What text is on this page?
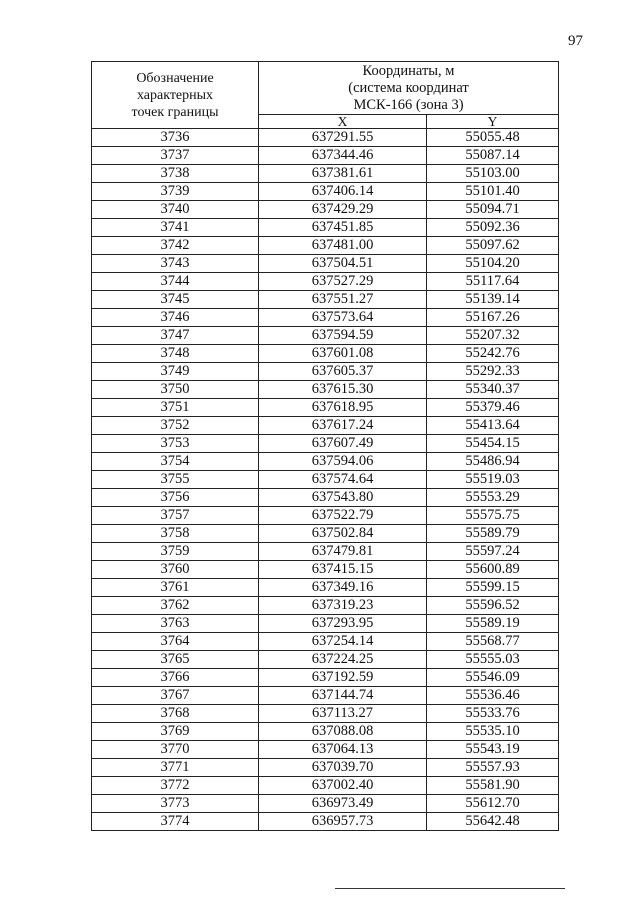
97
Обозначение
характерных
точек границы	Координаты, м
(система координат
МСК-166 (зона 3)	

	X	Y
3736	637291.55	55055.48
3737	637344.46	55087.14
3738	637381.61	55103.00
3739	637406.14	55101.40
3740	637429.29	55094.71
3741	637451.85	55092.36
3742	637481.00	55097.62
3743	637504.51	55104.20
3744	637527.29	55117.64
3745	637551.27	55139.14
3746	637573.64	55167.26
3747	637594.59	55207.32
3748	637601.08	55242.76
3749	637605.37	55292.33
3750	637615.30	55340.37
3751	637618.95	55379.46
3752	637617.24	55413.64
3753	637607.49	55454.15
3754	637594.06	55486.94
3755	637574.64	55519.03
3756	637543.80	55553.29
3757	637522.79	55575.75
3758	637502.84	55589.79
3759	637479.81	55597.24
3760	637415.15	55600.89
3761	637349.16	55599.15
3762	637319.23	55596.52
3763	637293.95	55589.19
3764	637254.14	55568.77
3765	637224.25	55555.03
3766	637192.59	55546.09
3767	637144.74	55536.46
3768	637113.27	55533.76
3769	637088.08	55535.10
3770	637064.13	55543.19
3771	637039.70	55557.93
3772	637002.40	55581.90
3773	636973.49	55612.70
3774	636957.73	55642.48
